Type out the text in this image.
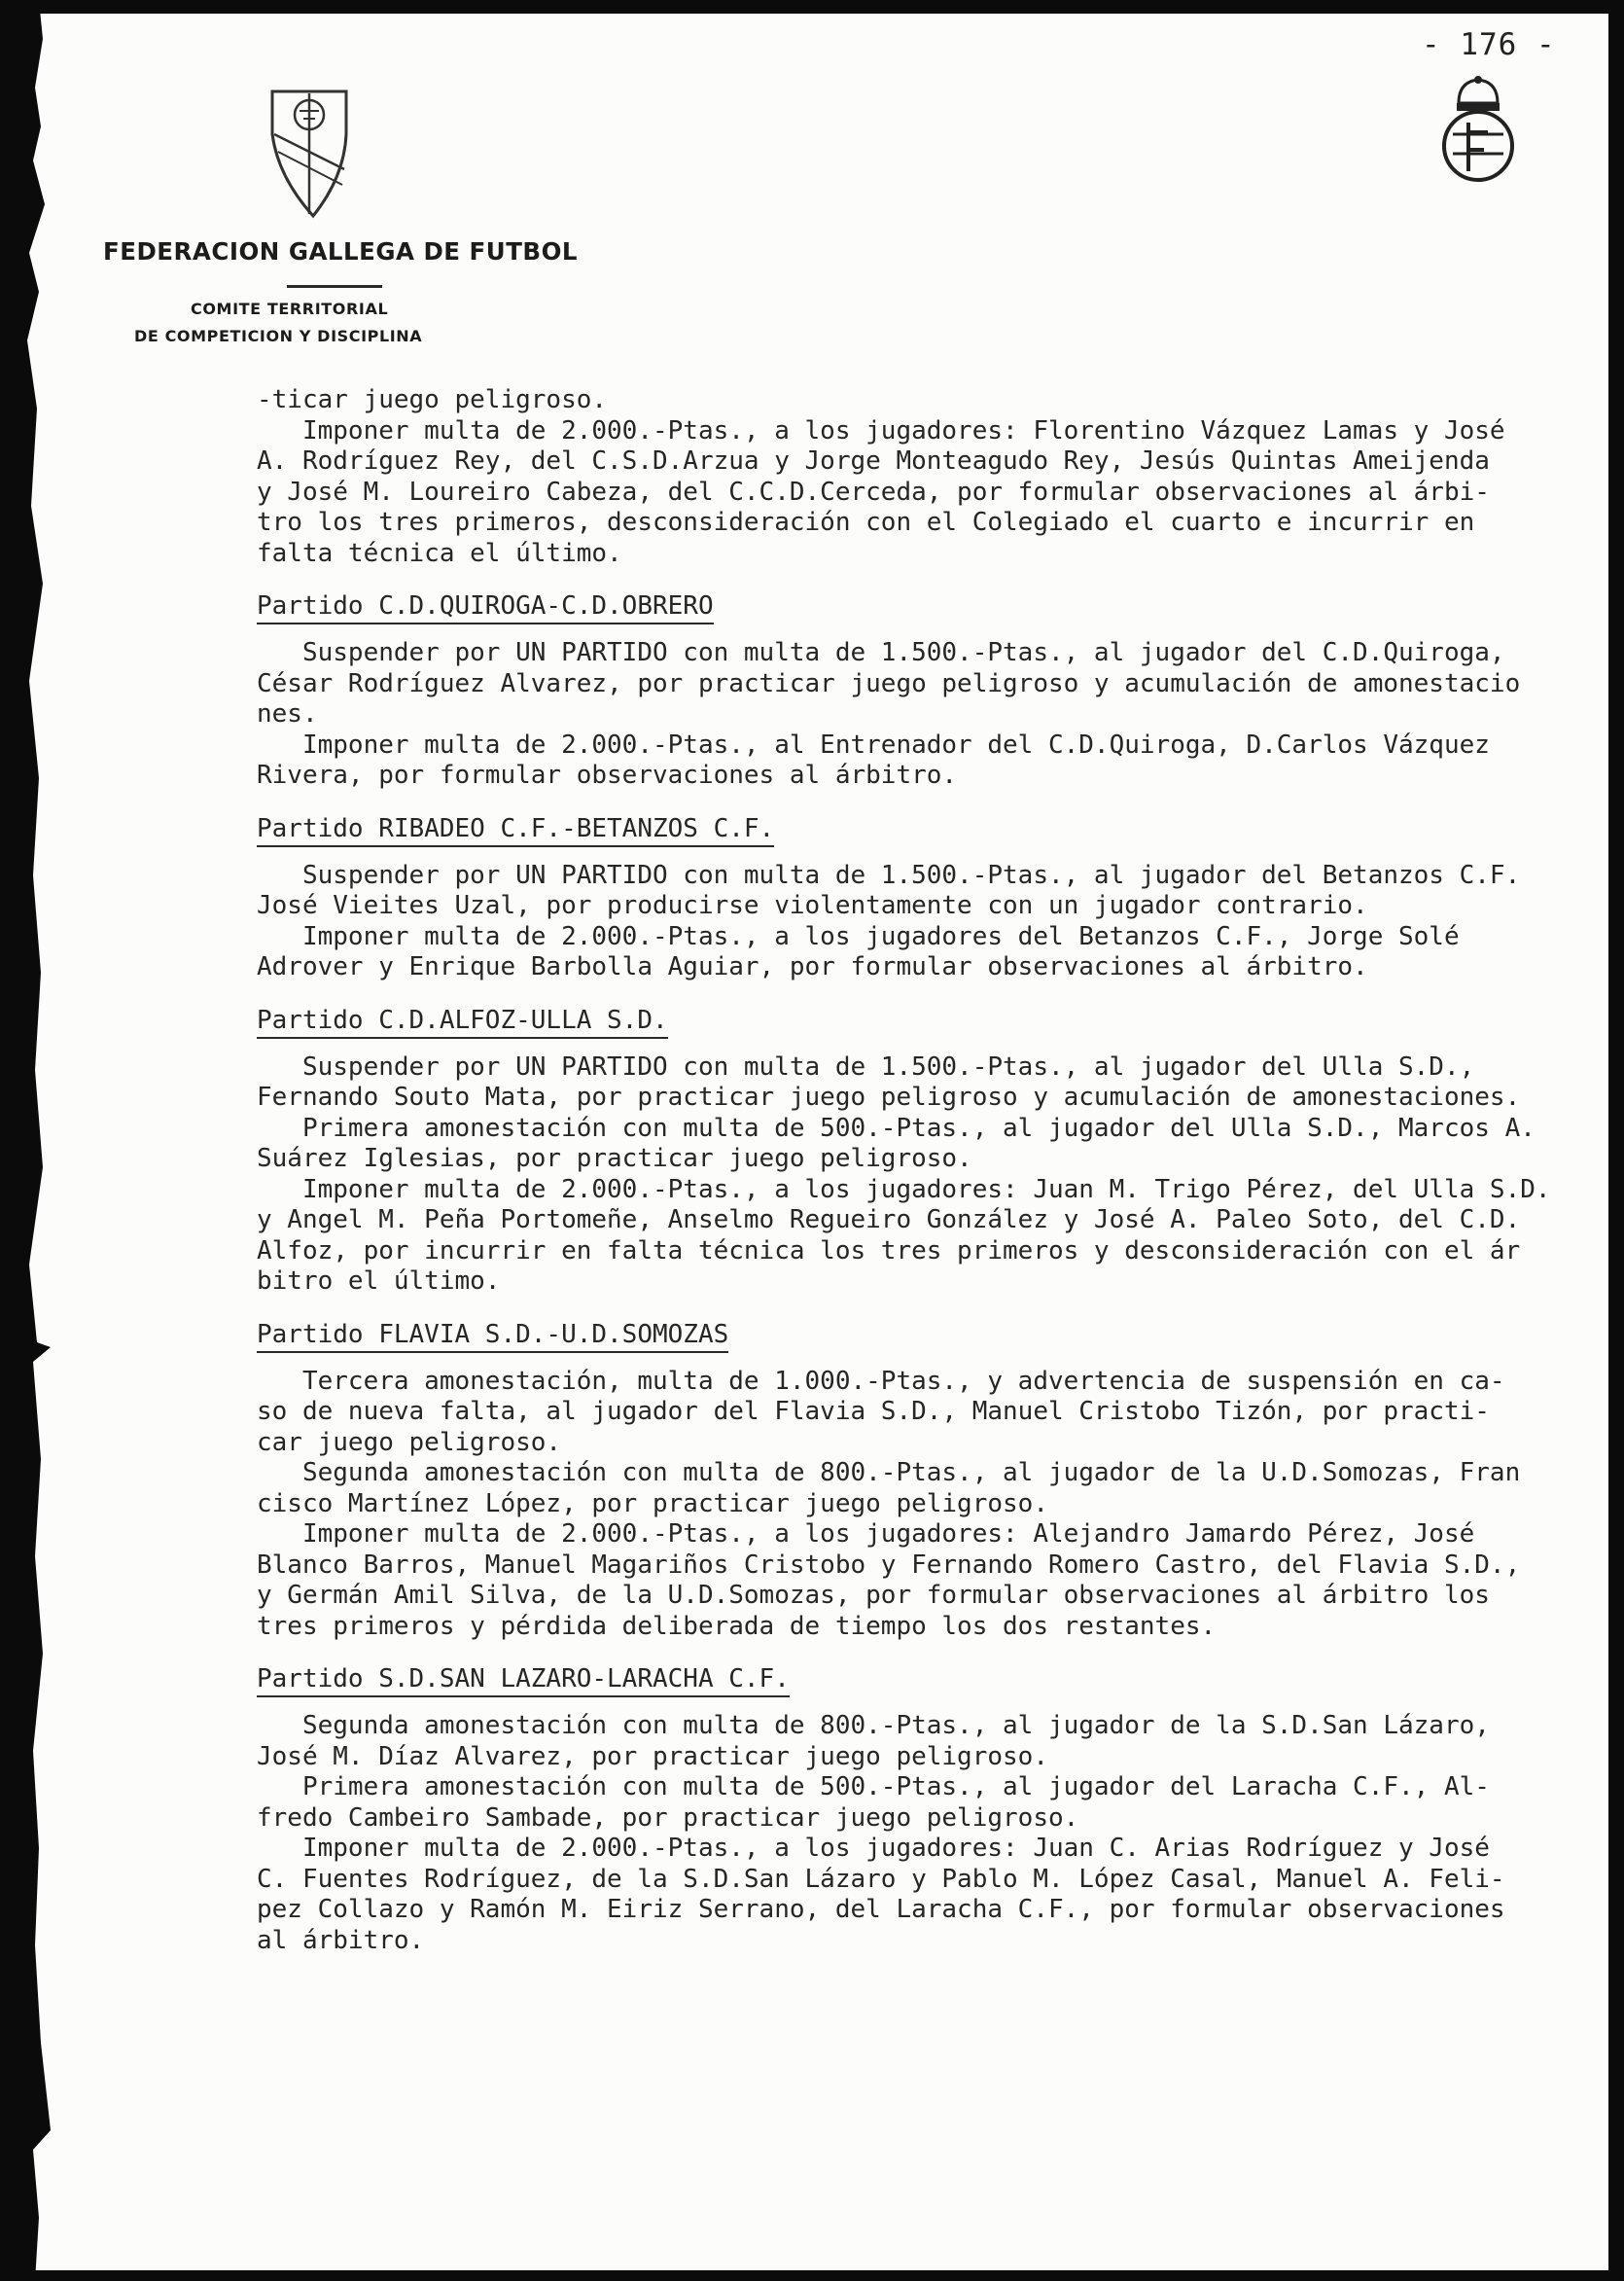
- 176 -
FEDERACION GALLEGA DE FUTBOL
COMITE TERRITORIAL
DE COMPETICION Y DISCIPLINA
-ticar juego peligroso.
Imponer multa de 2.000.-Ptas., a los jugadores: Florentino Vázquez Lamas y José
A. Rodríguez Rey, del C.S.D.Arzua y Jorge Monteagudo Rey, Jesús Quintas Ameijenda
y José M. Loureiro Cabeza, del C.C.D.Cerceda, por formular observaciones al árbi-
tro los tres primeros, desconsideración con el Colegiado el cuarto e incurrir en
falta técnica el último.
Partido C.D.QUIROGA-C.D.OBRERO
Suspender por UN PARTIDO con multa de 1.500.-Ptas., al jugador del C.D.Quiroga,
César Rodríguez Alvarez, por practicar juego peligroso y acumulación de amonestacio
nes.
Imponer multa de 2.000.-Ptas., al Entrenador del C.D.Quiroga, D.Carlos Vázquez
Rivera, por formular observaciones al árbitro.
Partido RIBADEO C.F.-BETANZOS C.F.
Suspender por UN PARTIDO con multa de 1.500.-Ptas., al jugador del Betanzos C.F.
José Vieites Uzal, por producirse violentamente con un jugador contrario.
Imponer multa de 2.000.-Ptas., a los jugadores del Betanzos C.F., Jorge Solé
Adrover y Enrique Barbolla Aguiar, por formular observaciones al árbitro.
Partido C.D.ALFOZ-ULLA S.D.
Suspender por UN PARTIDO con multa de 1.500.-Ptas., al jugador del Ulla S.D.,
Fernando Souto Mata, por practicar juego peligroso y acumulación de amonestaciones.
Primera amonestación con multa de 500.-Ptas., al jugador del Ulla S.D., Marcos A.
Suárez Iglesias, por practicar juego peligroso.
Imponer multa de 2.000.-Ptas., a los jugadores: Juan M. Trigo Pérez, del Ulla S.D.
y Angel M. Peña Portomeñe, Anselmo Regueiro González y José A. Paleo Soto, del C.D.
Alfoz, por incurrir en falta técnica los tres primeros y desconsideración con el ár
bitro el último.
Partido FLAVIA S.D.-U.D.SOMOZAS
Tercera amonestación, multa de 1.000.-Ptas., y advertencia de suspensión en ca-
so de nueva falta, al jugador del Flavia S.D., Manuel Cristobo Tizón, por practi-
car juego peligroso.
Segunda amonestación con multa de 800.-Ptas., al jugador de la U.D.Somozas, Fran
cisco Martínez López, por practicar juego peligroso.
Imponer multa de 2.000.-Ptas., a los jugadores: Alejandro Jamardo Pérez, José
Blanco Barros, Manuel Magariños Cristobo y Fernando Romero Castro, del Flavia S.D.,
y Germán Amil Silva, de la U.D.Somozas, por formular observaciones al árbitro los
tres primeros y pérdida deliberada de tiempo los dos restantes.
Partido S.D.SAN LAZARO-LARACHA C.F.
Segunda amonestación con multa de 800.-Ptas., al jugador de la S.D.San Lázaro,
José M. Díaz Alvarez, por practicar juego peligroso.
Primera amonestación con multa de 500.-Ptas., al jugador del Laracha C.F., Al-
fredo Cambeiro Sambade, por practicar juego peligroso.
Imponer multa de 2.000.-Ptas., a los jugadores: Juan C. Arias Rodríguez y José
C. Fuentes Rodríguez, de la S.D.San Lázaro y Pablo M. López Casal, Manuel A. Feli-
pez Collazo y Ramón M. Eiriz Serrano, del Laracha C.F., por formular observaciones
al árbitro.
